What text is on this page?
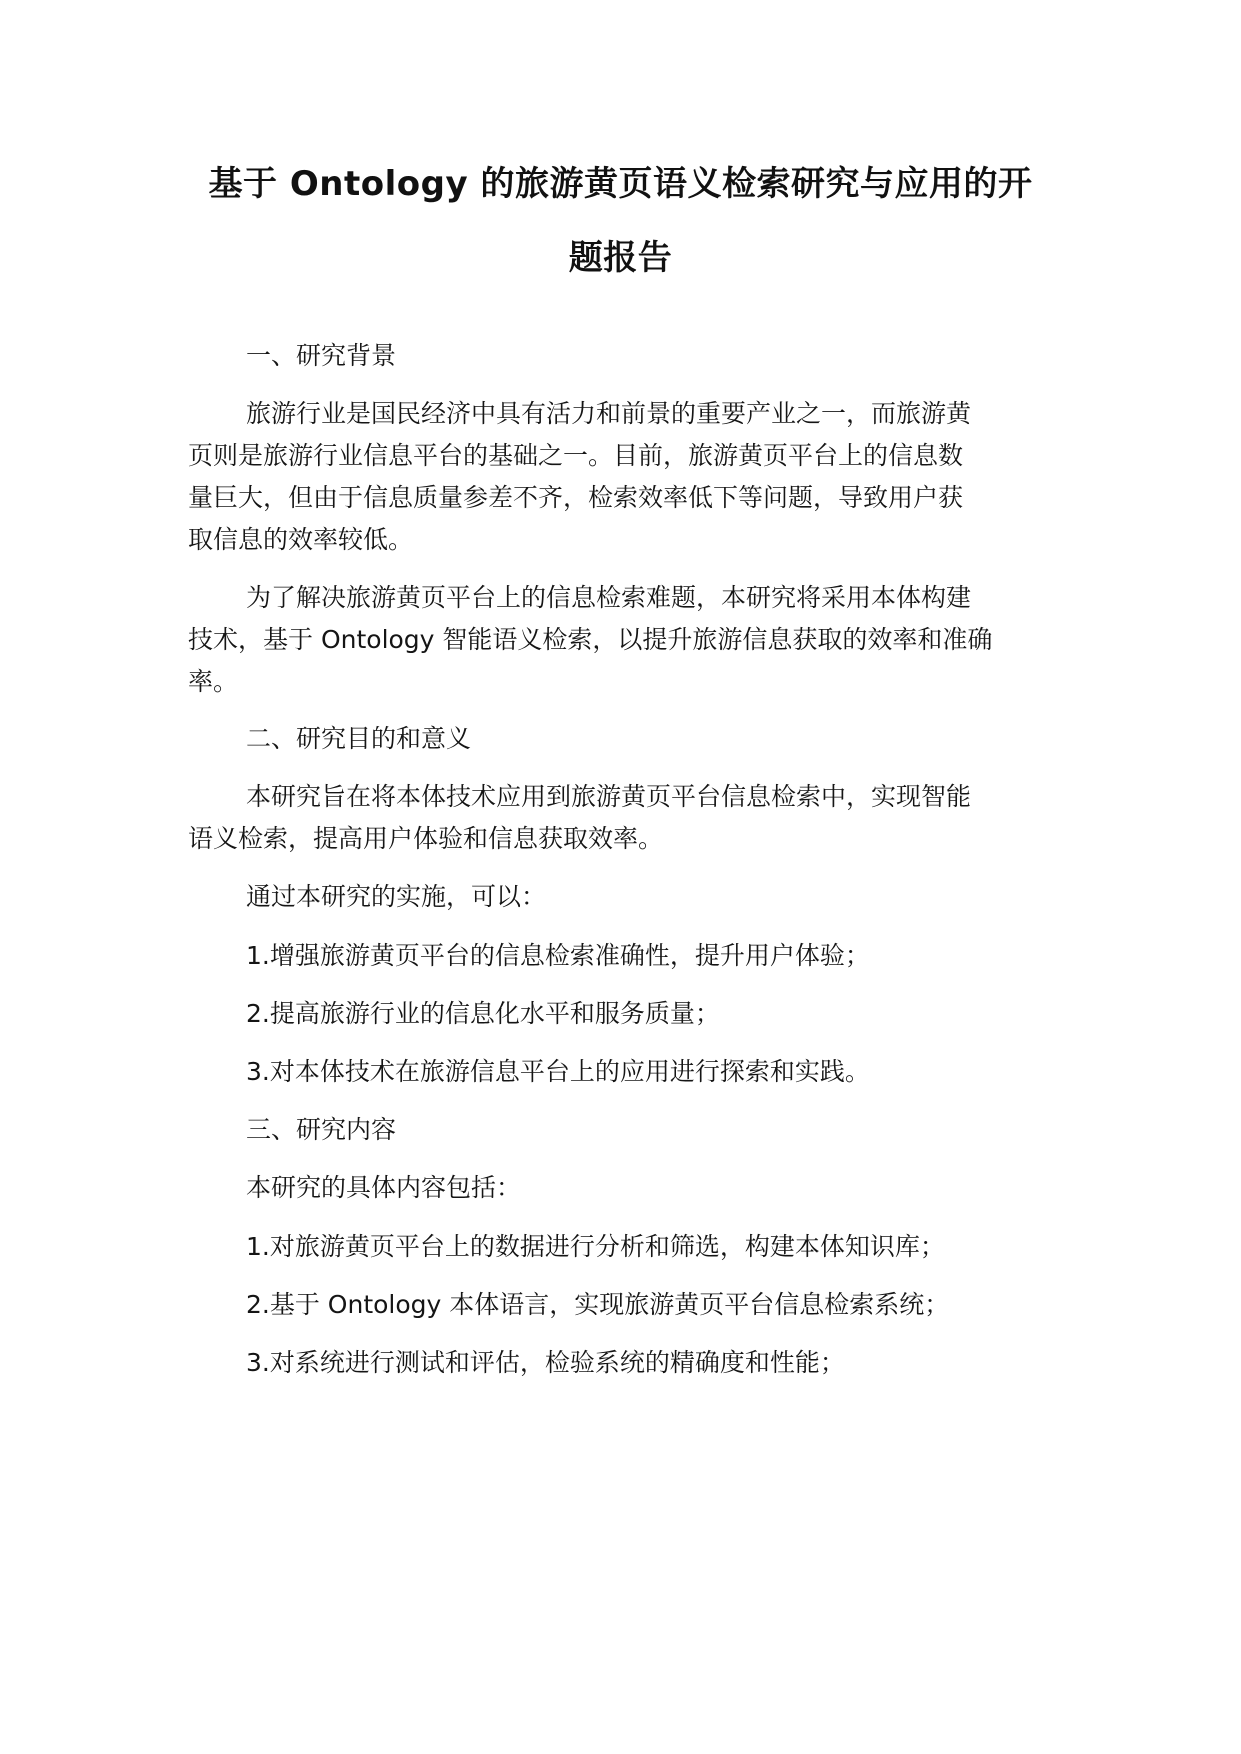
基于 Ontology 的旅游黄页语义检索研究与应用的开
题报告
一、研究背景
旅游行业是国民经济中具有活力和前景的重要产业之一，而旅游黄
页则是旅游行业信息平台的基础之一。目前，旅游黄页平台上的信息数
量巨大，但由于信息质量参差不齐，检索效率低下等问题，导致用户获
取信息的效率较低。
为了解决旅游黄页平台上的信息检索难题，本研究将采用本体构建
技术，基于 Ontology 智能语义检索，以提升旅游信息获取的效率和准确
率。
二、研究目的和意义
本研究旨在将本体技术应用到旅游黄页平台信息检索中，实现智能
语义检索，提高用户体验和信息获取效率。
通过本研究的实施，可以：
1.增强旅游黄页平台的信息检索准确性，提升用户体验；
2.提高旅游行业的信息化水平和服务质量；
3.对本体技术在旅游信息平台上的应用进行探索和实践。
三、研究内容
本研究的具体内容包括：
1.对旅游黄页平台上的数据进行分析和筛选，构建本体知识库；
2.基于 Ontology 本体语言，实现旅游黄页平台信息检索系统；
3.对系统进行测试和评估，检验系统的精确度和性能；
